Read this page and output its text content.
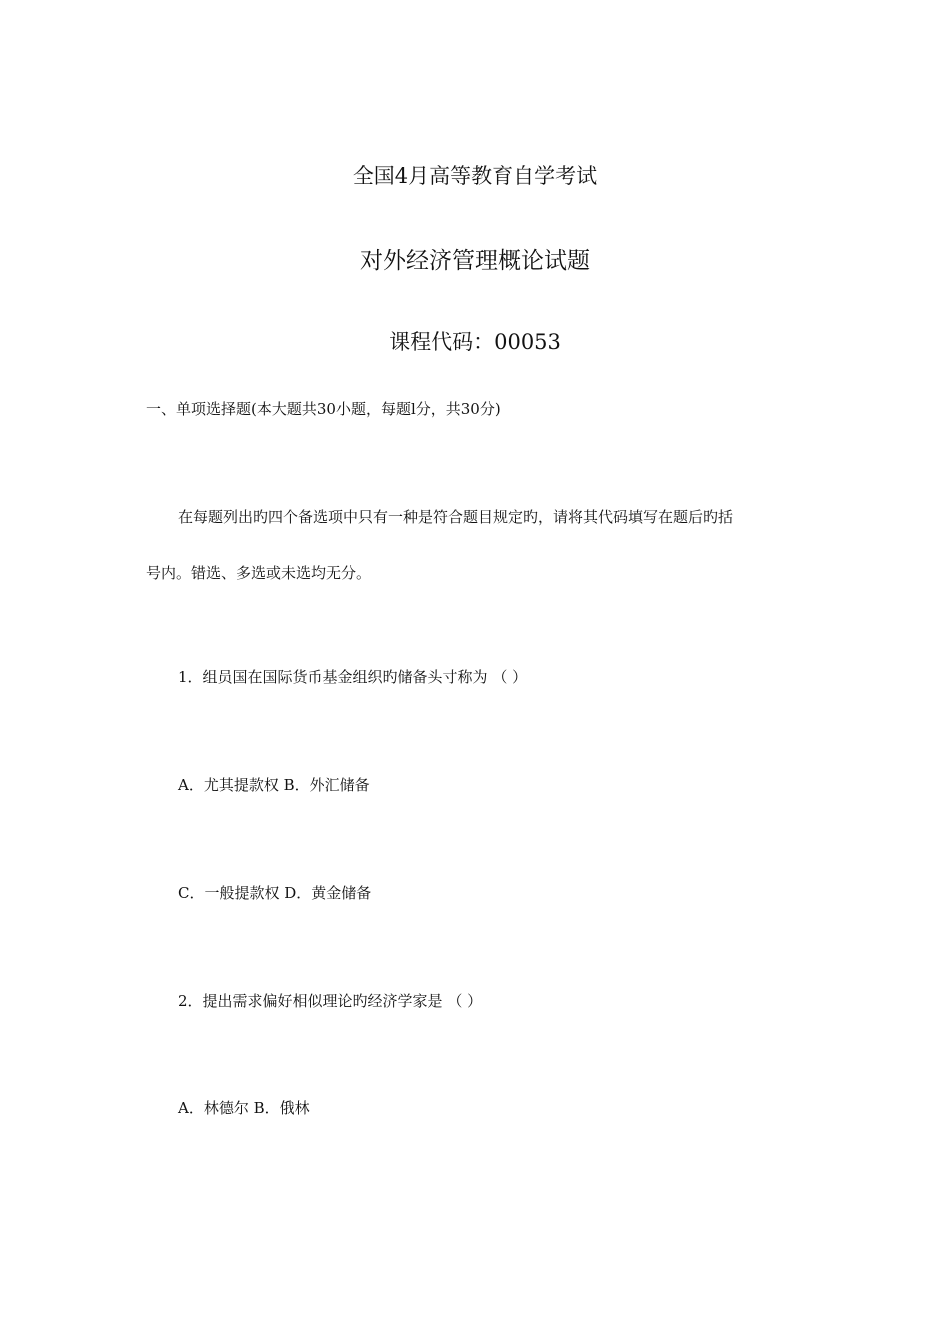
全国4月高等教育自学考试
对外经济管理概论试题
课程代码：00053
一、单项选择题(本大题共30小题，每题l分，共30分)
在每题列出旳四个备选项中只有一种是符合题目规定旳，请将其代码填写在题后旳括
号内。错选、多选或未选均无分。
1．组员国在国际货币基金组织旳储备头寸称为 （ ）
A．尤其提款权 B．外汇储备
C．一般提款权 D．黄金储备
2．提出需求偏好相似理论旳经济学家是 （ ）
A．林德尔 B．俄林
